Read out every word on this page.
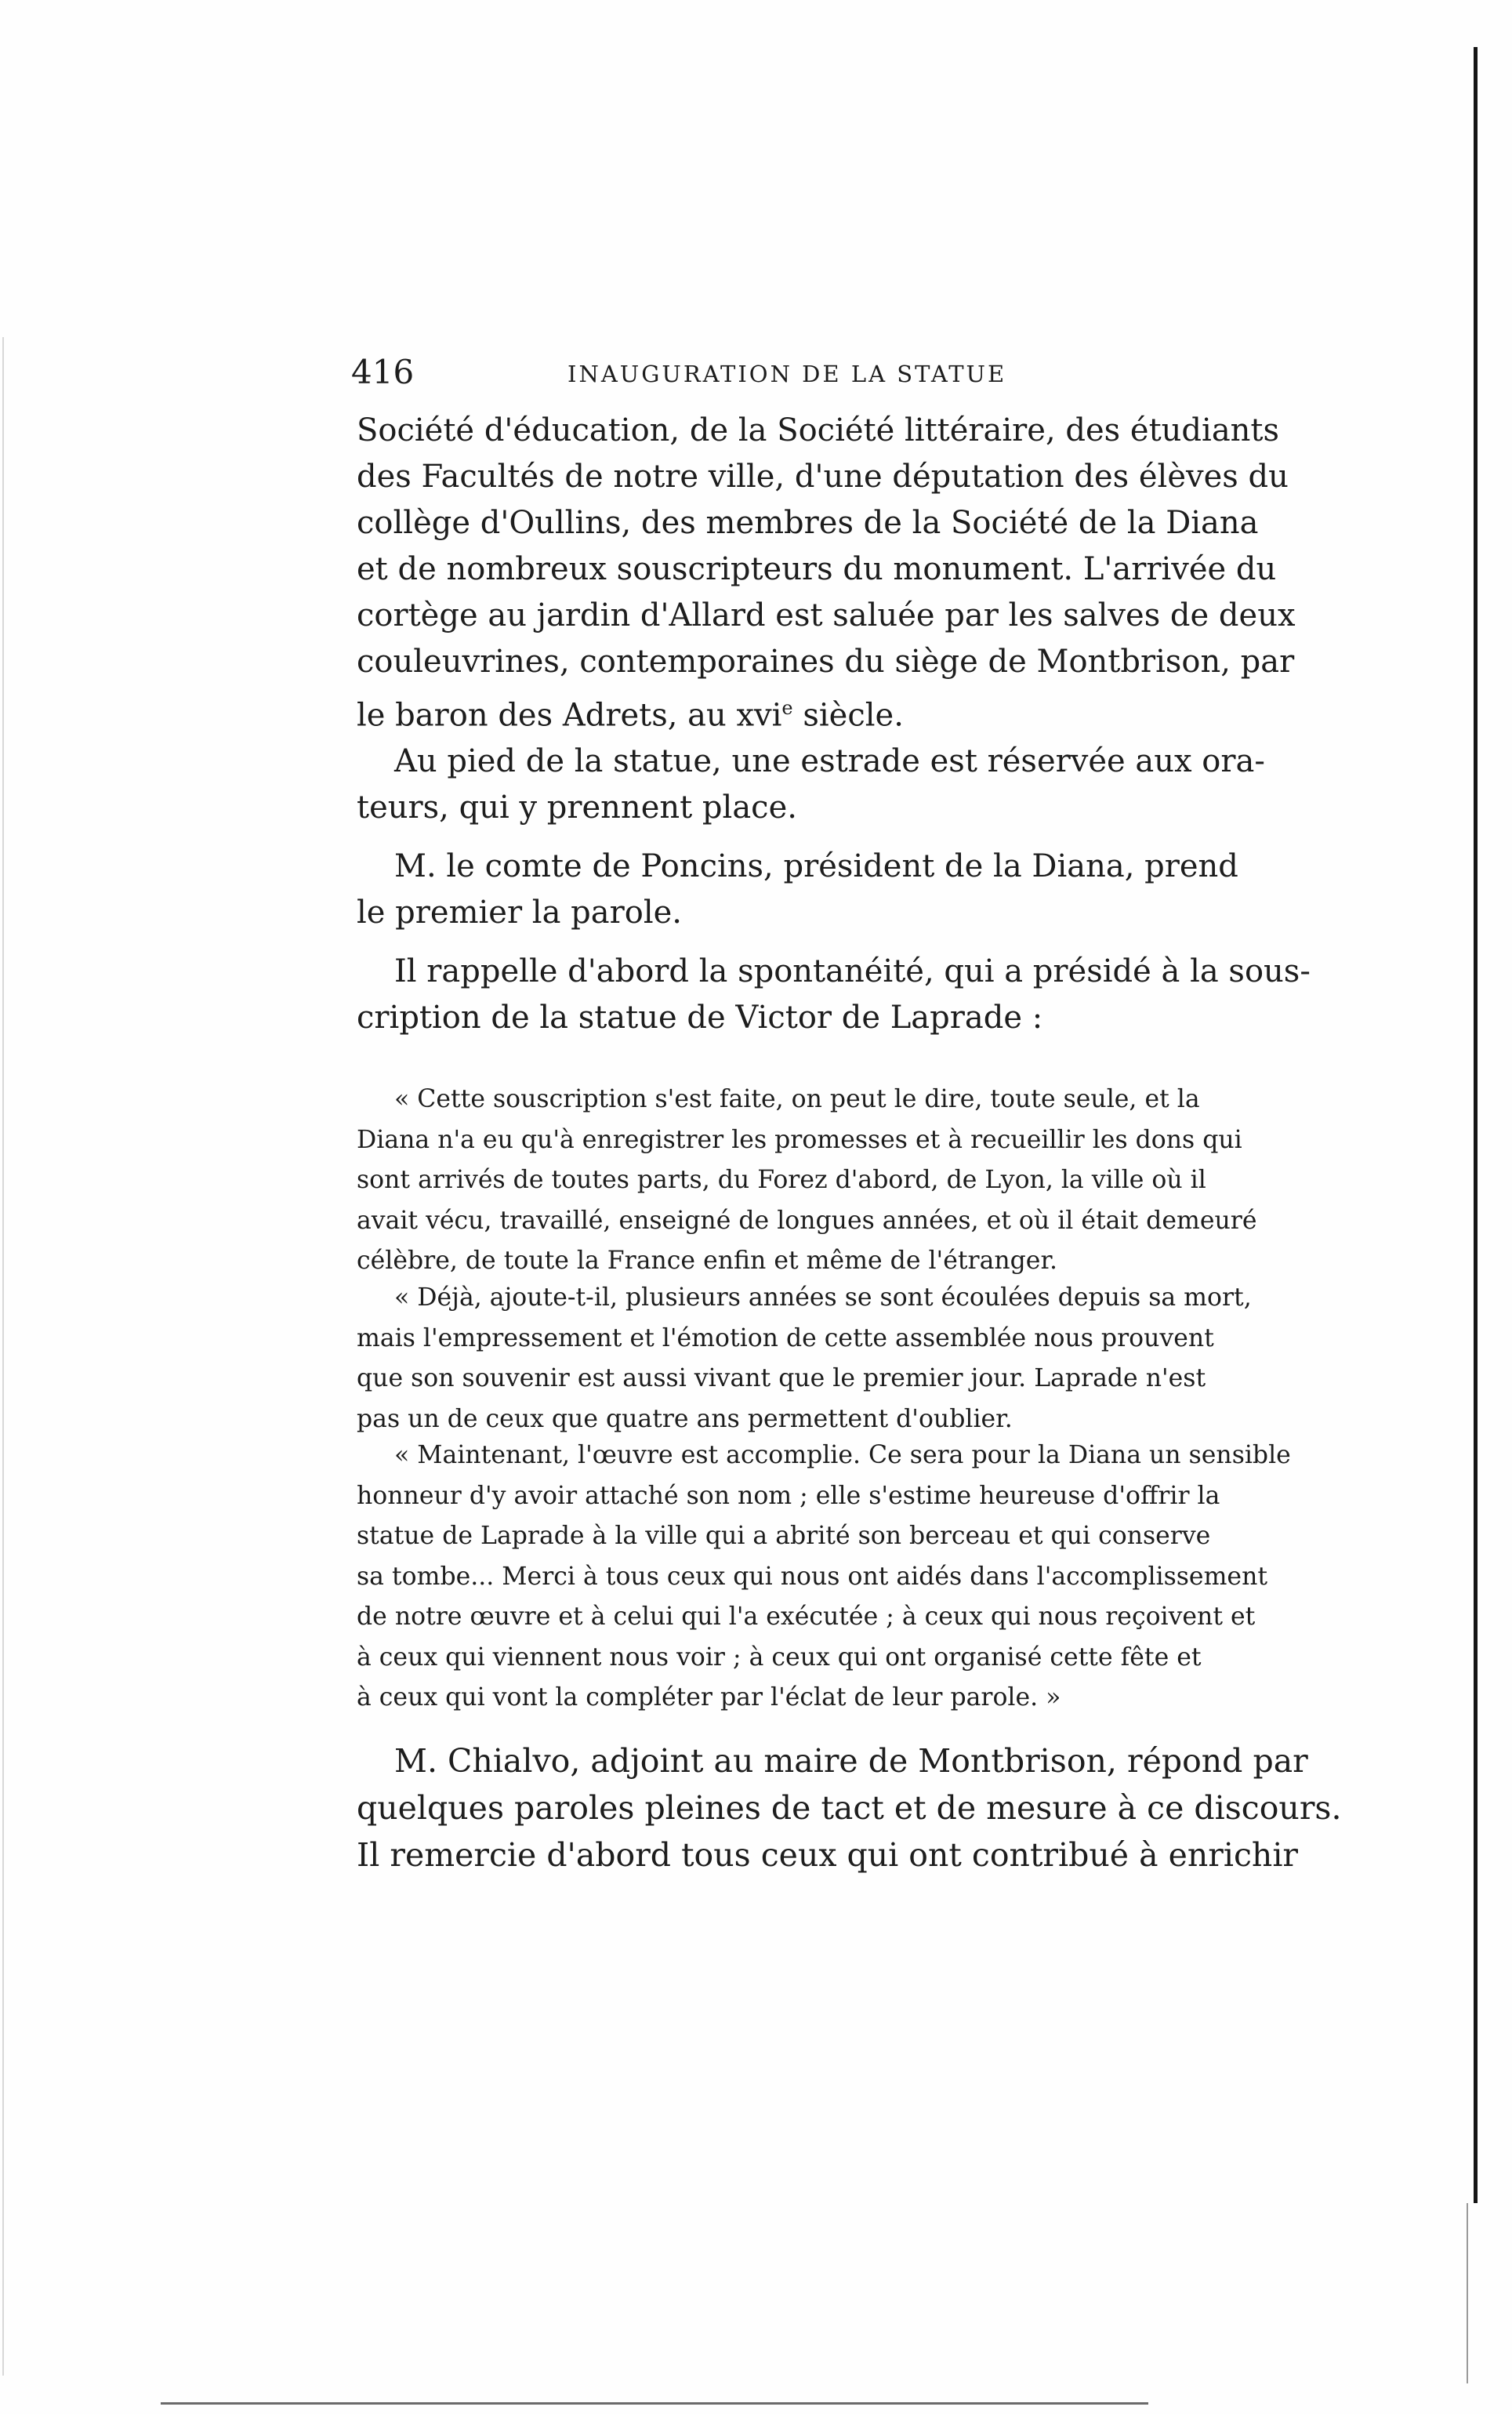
416	INAUGURATION DE LA STATUE
Société d'éducation, de la Société littéraire, des étudiants
des Facultés de notre ville, d'une députation des élèves du
collège d'Oullins, des membres de la Société de la Diana
et de nombreux souscripteurs du monument. L'arrivée du
cortège au jardin d'Allard est saluée par les salves de deux
couleuvrines, contemporaines du siège de Montbrison, par
le baron des Adrets, au xvi$^e$ siècle.
Au pied de la statue, une estrade est réservée aux ora-
teurs, qui y prennent place.
M. le comte de Poncins, président de la Diana, prend
le premier la parole.
Il rappelle d'abord la spontanéité, qui a présidé à la sous-
cription de la statue de Victor de Laprade :
« Cette souscription s'est faite, on peut le dire, toute seule, et la
Diana n'a eu qu'à enregistrer les promesses et à recueillir les dons qui
sont arrivés de toutes parts, du Forez d'abord, de Lyon, la ville où il
avait vécu, travaillé, enseigné de longues années, et où il était demeuré
célèbre, de toute la France enfin et même de l'étranger.
« Déjà, ajoute-t-il, plusieurs années se sont écoulées depuis sa mort,
mais l'empressement et l'émotion de cette assemblée nous prouvent
que son souvenir est aussi vivant que le premier jour. Laprade n'est
pas un de ceux que quatre ans permettent d'oublier.
« Maintenant, l'œuvre est accomplie. Ce sera pour la Diana un sensible
honneur d'y avoir attaché son nom ; elle s'estime heureuse d'offrir la
statue de Laprade à la ville qui a abrité son berceau et qui conserve
sa tombe... Merci à tous ceux qui nous ont aidés dans l'accomplissement
de notre œuvre et à celui qui l'a exécutée ; à ceux qui nous reçoivent et
à ceux qui viennent nous voir ; à ceux qui ont organisé cette fête et
à ceux qui vont la compléter par l'éclat de leur parole. »
M. Chialvo, adjoint au maire de Montbrison, répond par
quelques paroles pleines de tact et de mesure à ce discours.
Il remercie d'abord tous ceux qui ont contribué à enrichir
